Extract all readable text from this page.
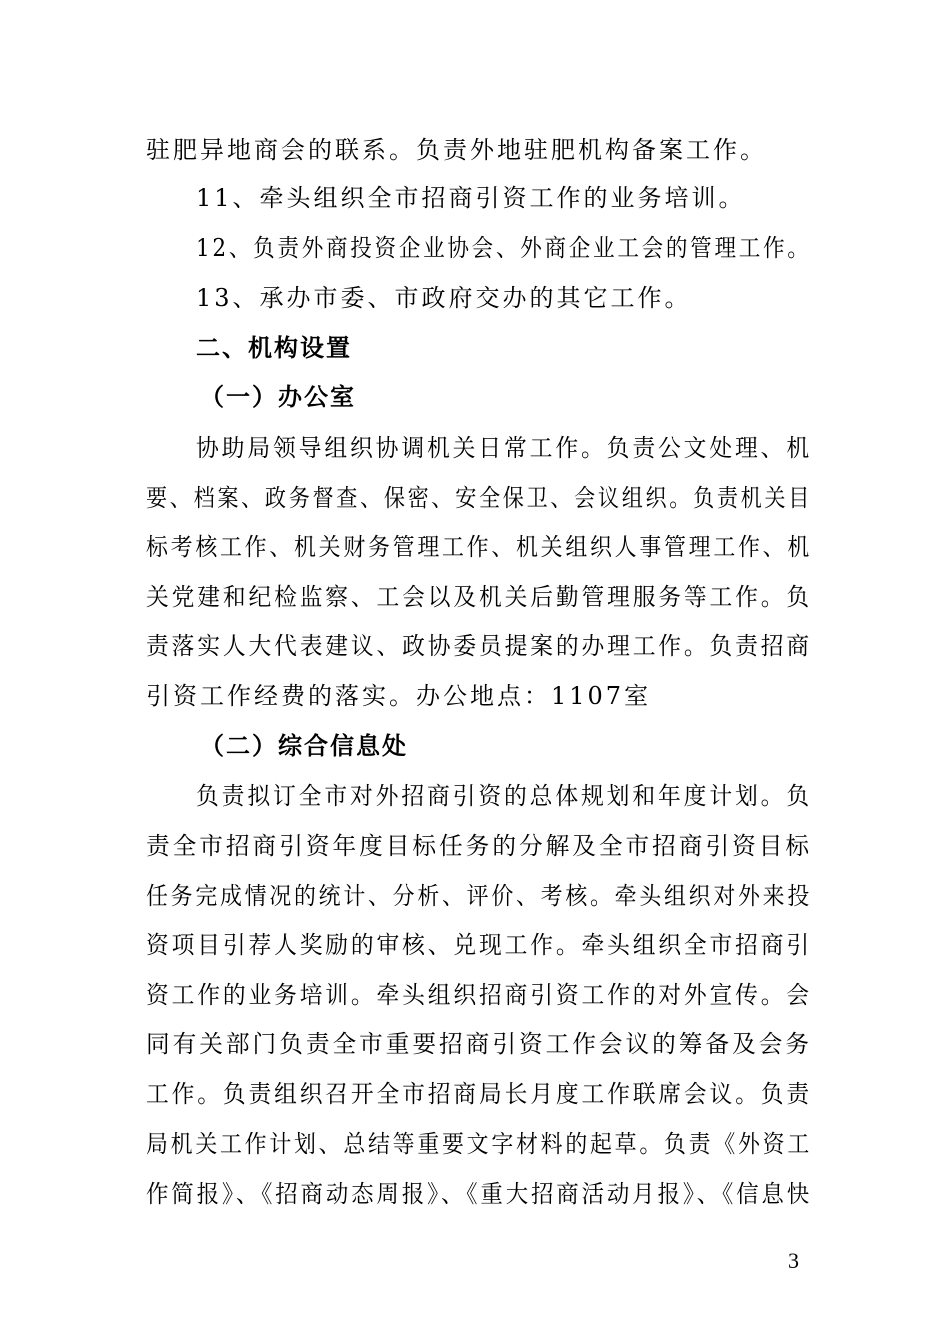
驻肥异地商会的联系。负责外地驻肥机构备案工作。
11、牵头组织全市招商引资工作的业务培训。
12、负责外商投资企业协会、外商企业工会的管理工作。
13、承办市委、市政府交办的其它工作。
二、机构设置
（一）办公室
协助局领导组织协调机关日常工作。负责公文处理、机
要、档案、政务督查、保密、安全保卫、会议组织。负责机关目
标考核工作、机关财务管理工作、机关组织人事管理工作、机
关党建和纪检监察、工会以及机关后勤管理服务等工作。负
责落实人大代表建议、政协委员提案的办理工作。负责招商
引资工作经费的落实。办公地点：1107室
（二）综合信息处
负责拟订全市对外招商引资的总体规划和年度计划。负
责全市招商引资年度目标任务的分解及全市招商引资目标
任务完成情况的统计、分析、评价、考核。牵头组织对外来投
资项目引荐人奖励的审核、兑现工作。牵头组织全市招商引
资工作的业务培训。牵头组织招商引资工作的对外宣传。会
同有关部门负责全市重要招商引资工作会议的筹备及会务
工作。负责组织召开全市招商局长月度工作联席会议。负责
局机关工作计划、总结等重要文字材料的起草。负责《外资工
作简报》、《招商动态周报》、《重大招商活动月报》、《信息快
3
